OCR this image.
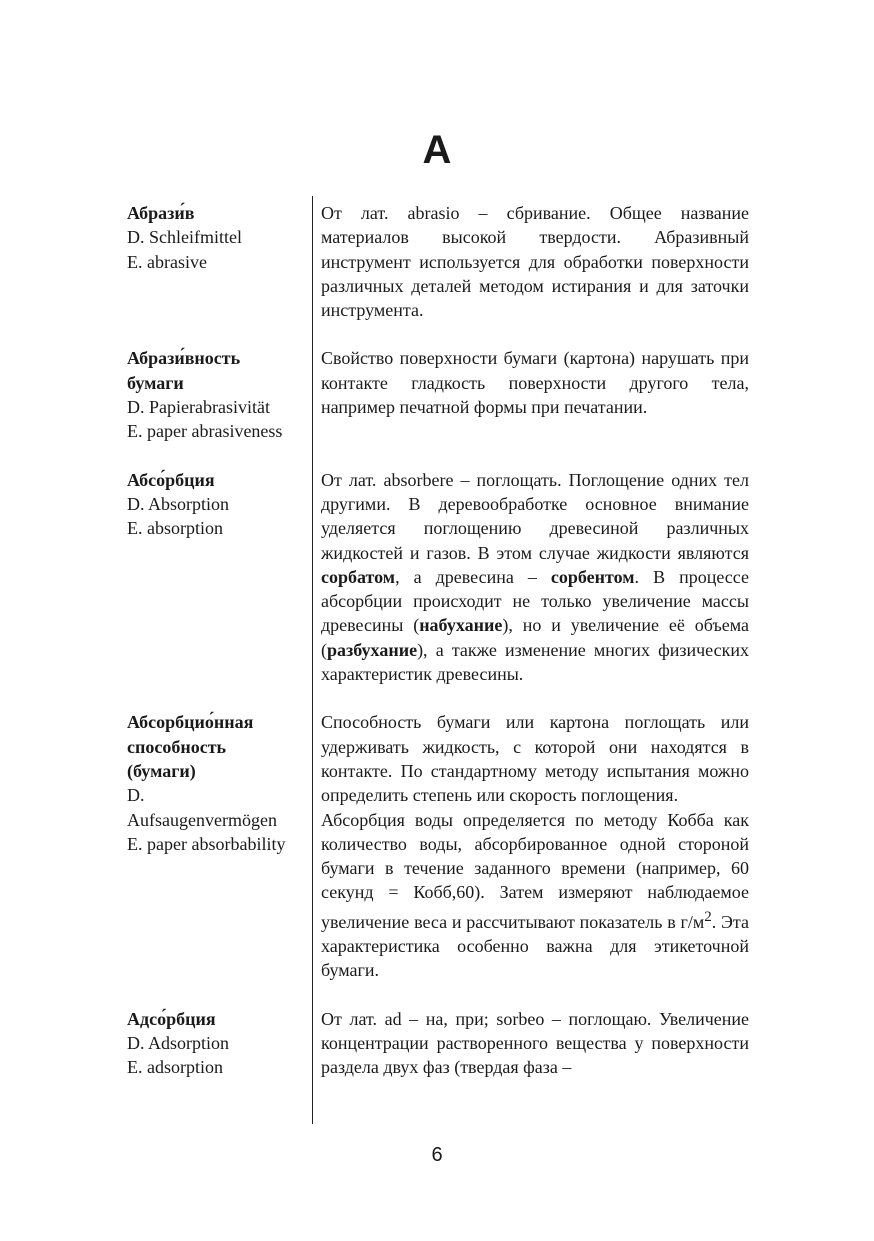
А
Абрази́в
D. Schleifmittel
E. abrasive
От лат. abrasio – сбривание. Общее название материалов высокой твердости. Абразивный инструмент используется для обработки поверхности различных деталей методом истирания и для заточки инструмента.
Абрази́вность бумаги
D. Papierabrasivität
E. paper abrasiveness
Свойство поверхности бумаги (картона) нарушать при контакте гладкость поверхности другого тела, например печатной формы при печатании.
Абсо́рбция
D. Absorption
E. absorption
От лат. absorbere – поглощать. Поглощение одних тел другими. В деревообработке основное внимание уделяется поглощению древесиной различных жидкостей и газов. В этом случае жидкости являются сорбатом, а древесина – сорбентом. В процессе абсорбции происходит не только увеличение массы древесины (набухание), но и увеличение её объема (разбухание), а также изменение многих физических характеристик древесины.
Абсорбцио́нная способность (бумаги)
D. Aufsaugenvermögen
E. paper absorbability

Способность бумаги или картона поглощать или удерживать жидкость, с которой они находятся в контакте. По стандартному методу испытания можно определить степень или скорость поглощения.

Абсорбция воды определяется по методу Кобба как количество воды, абсорбированное одной стороной бумаги в течение заданного времени (например, 60 секунд = Кобб,60). Затем измеряют наблюдаемое увеличение веса и рассчитывают показатель в $г/м^2$. Эта характеристика особенно важна для этикеточной бумаги.

Адсо́рбция
D. Adsorption
E. adsorption
От лат. ad – на, при; sorbeo – поглощаю. Увеличение концентрации растворенного вещества у поверхности раздела двух фаз (твердая фаза –
6
